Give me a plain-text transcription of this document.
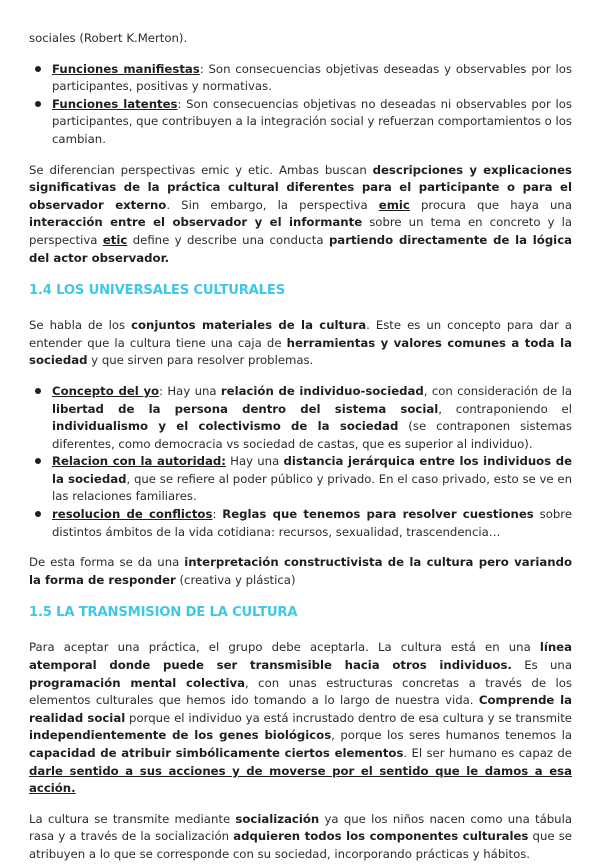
sociales (Robert K.Merton).

Funciones manifiestas: Son consecuencias objetivas deseadas y observables por los participantes, positivas y normativas.
Funciones latentes: Son consecuencias objetivas no deseadas ni observables por los participantes, que contribuyen a la integración social y refuerzan comportamientos o los cambian.

Se diferencian perspectivas emic y etic. Ambas buscan descripciones y explicaciones significativas de la práctica cultural diferentes para el participante o para el observador externo. Sin embargo, la perspectiva emic procura que haya una interacción entre el observador y el informante sobre un tema en concreto y la perspectiva etic define y describe una conducta partiendo directamente de la lógica del actor observador.

1.4 LOS UNIVERSALES CULTURALES

Se habla de los conjuntos materiales de la cultura. Este es un concepto para dar a entender que la cultura tiene una caja de herramientas y valores comunes a toda la sociedad y que sirven para resolver problemas.

Concepto del yo: Hay una relación de individuo-sociedad, con consideración de la libertad de la persona dentro del sistema social, contraponiendo el individualismo y el colectivismo de la sociedad (se contraponen sistemas diferentes, como democracia vs sociedad de castas, que es superior al individuo).
Relacion con la autoridad: Hay una distancia jerárquica entre los individuos de la sociedad, que se refiere al poder público y privado. En el caso privado, esto se ve en las relaciones familiares.
resolucion de conflictos: Reglas que tenemos para resolver cuestiones sobre distintos ámbitos de la vida cotidiana: recursos, sexualidad, trascendencia…

De esta forma se da una interpretación constructivista de la cultura pero variando la forma de responder (creativa y plástica)

1.5 LA TRANSMISION DE LA CULTURA

Para aceptar una práctica, el grupo debe aceptarla. La cultura está en una línea atemporal donde puede ser transmisible hacia otros individuos. Es una programación mental colectiva, con unas estructuras concretas a través de los elementos culturales que hemos ido tomando a lo largo de nuestra vida. Comprende la realidad social porque el individuo ya está incrustado dentro de esa cultura y se transmite independientemente de los genes biológicos, porque los seres humanos tenemos la capacidad de atribuir simbólicamente ciertos elementos. El ser humano es capaz de darle sentido a sus acciones y de moverse por el sentido que le damos a esa acción.

La cultura se transmite mediante socialización ya que los niños nacen como una tábula rasa y a través de la socialización adquieren todos los componentes culturales que se atribuyen a lo que se corresponde con su sociedad, incorporando prácticas y hábitos.
